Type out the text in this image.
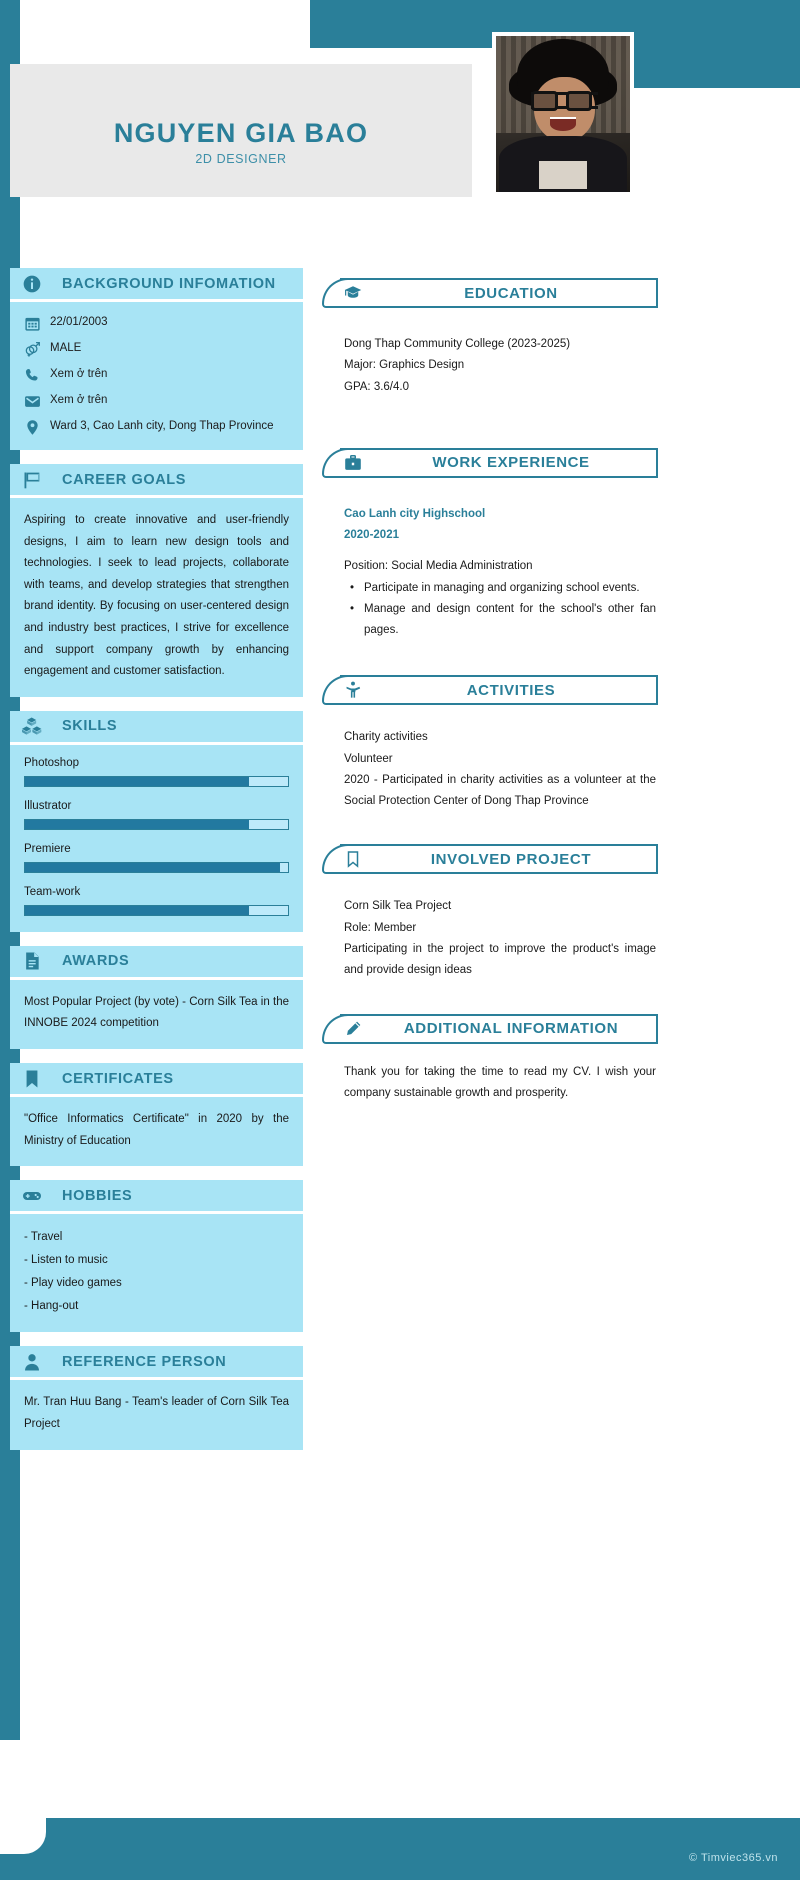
NGUYEN GIA BAO
2D DESIGNER
BACKGROUND INFOMATION
22/01/2003
MALE
Xem ở trên
Xem ở trên
Ward 3, Cao Lanh city, Dong Thap Province
CAREER GOALS
Aspiring to create innovative and user-friendly designs, I aim to learn new design tools and technologies. I seek to lead projects, collaborate with teams, and develop strategies that strengthen brand identity. By focusing on user-centered design and industry best practices, I strive for excellence and support company growth by enhancing engagement and customer satisfaction.
SKILLS
Photoshop
Illustrator
Premiere
Team-work
AWARDS
Most Popular Project (by vote) - Corn Silk Tea in the INNOBE 2024 competition
CERTIFICATES
"Office Informatics Certificate" in 2020 by the Ministry of Education
HOBBIES
- Travel
- Listen to music
- Play video games
- Hang-out
REFERENCE PERSON
Mr. Tran Huu Bang - Team's leader of Corn Silk Tea Project
EDUCATION
Dong Thap Community College (2023-2025)
Major: Graphics Design
GPA: 3.6/4.0
WORK EXPERIENCE
Cao Lanh city Highschool
2020-2021
Position: Social Media Administration
• Participate in managing and organizing school events.
• Manage and design content for the school's other fan pages.
ACTIVITIES
Charity activities
Volunteer
2020 - Participated in charity activities as a volunteer at the Social Protection Center of Dong Thap Province
INVOLVED PROJECT
Corn Silk Tea Project
Role: Member
Participating in the project to improve the product's image and provide design ideas
ADDITIONAL INFORMATION
Thank you for taking the time to read my CV. I wish your company sustainable growth and prosperity.
© Timviec365.vn
